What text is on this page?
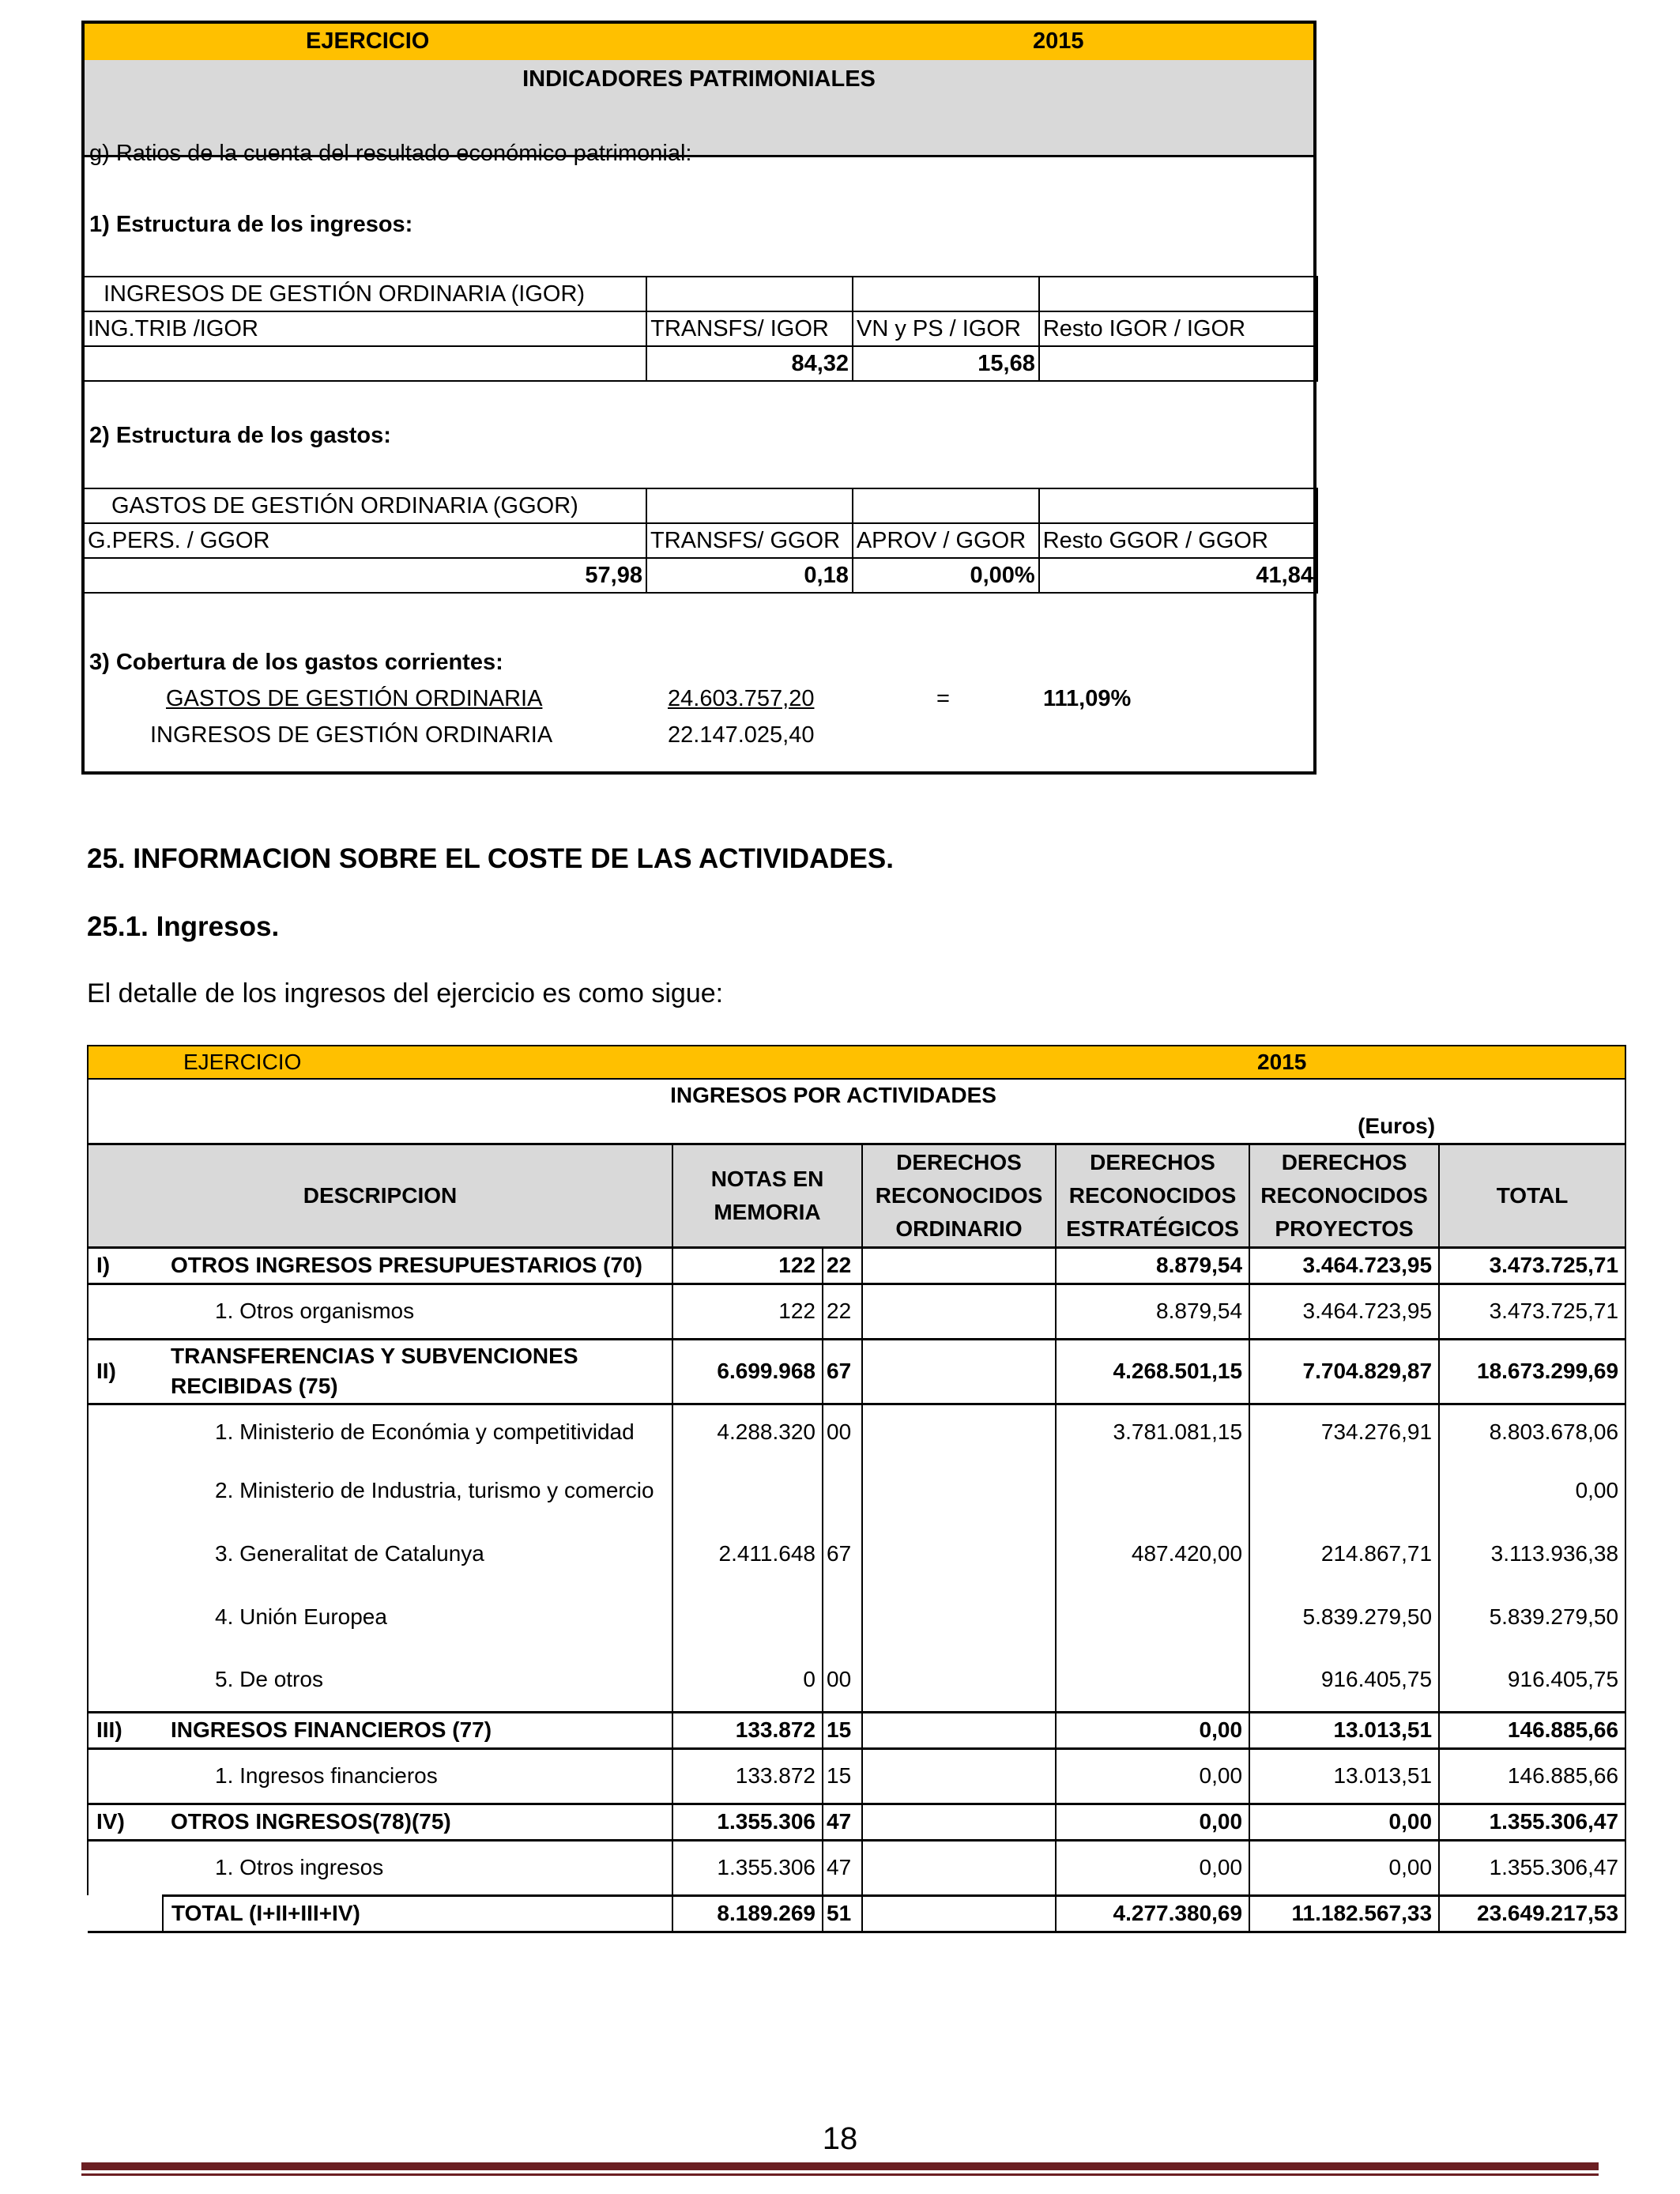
EJERCICIO	2015
INDICADORES PATRIMONIALES
g) Ratios de la cuenta del resultado económico patrimonial:
1) Estructura de los ingresos:
INGRESOS DE GESTIÓN ORDINARIA (IGOR)			
ING.TRIB /IGOR	TRANSFS/ IGOR	VN y PS / IGOR	Resto IGOR / IGOR
	84,32	15,68	
2) Estructura de los gastos:
GASTOS DE GESTIÓN ORDINARIA (GGOR)			
G.PERS. / GGOR	TRANSFS/ GGOR	APROV / GGOR	Resto GGOR / GGOR
57,98	0,18	0,00%	41,84
3) Cobertura de los gastos corrientes:
GASTOS DE GESTIÓN ORDINARIA	24.603.757,20	=	111,09%
INGRESOS DE GESTIÓN ORDINARIA	22.147.025,40
25. INFORMACION SOBRE EL COSTE DE LAS ACTIVIDADES.
25.1. Ingresos.
El detalle de los ingresos del ejercicio es como sigue:
EJERCICIO						2015	
INGRESOS POR ACTIVIDADES							
(Euros)							
DESCRIPCION		NOTAS EN MEMORIA		DERECHOS RECONOCIDOS ORDINARIO	DERECHOS RECONOCIDOS ESTRATÉGICOS	DERECHOS RECONOCIDOS PROYECTOS	TOTAL
I)	OTROS INGRESOS PRESUPUESTARIOS (70)	122	22		8.879,54	3.464.723,95	3.473.725,71
	1. Otros organismos	122	22		8.879,54	3.464.723,95	3.473.725,71
II)	TRANSFERENCIAS Y SUBVENCIONES RECIBIDAS (75)	6.699.968	67		4.268.501,15	7.704.829,87	18.673.299,69
	1. Ministerio de Económia y competitividad	4.288.320	00		3.781.081,15	734.276,91	8.803.678,06
	2. Ministerio de Industria, turismo y comercio						0,00
	3. Generalitat de Catalunya	2.411.648	67		487.420,00	214.867,71	3.113.936,38
	4. Unión Europea					5.839.279,50	5.839.279,50
	5. De otros	0	00			916.405,75	916.405,75
III)	INGRESOS FINANCIEROS (77)	133.872	15		0,00	13.013,51	146.885,66
	1. Ingresos financieros	133.872	15		0,00	13.013,51	146.885,66
IV)	OTROS INGRESOS(78)(75)	1.355.306	47		0,00	0,00	1.355.306,47
	1. Otros ingresos	1.355.306	47		0,00	0,00	1.355.306,47
	TOTAL (I+II+III+IV)	8.189.269	51		4.277.380,69	11.182.567,33	23.649.217,53
18
